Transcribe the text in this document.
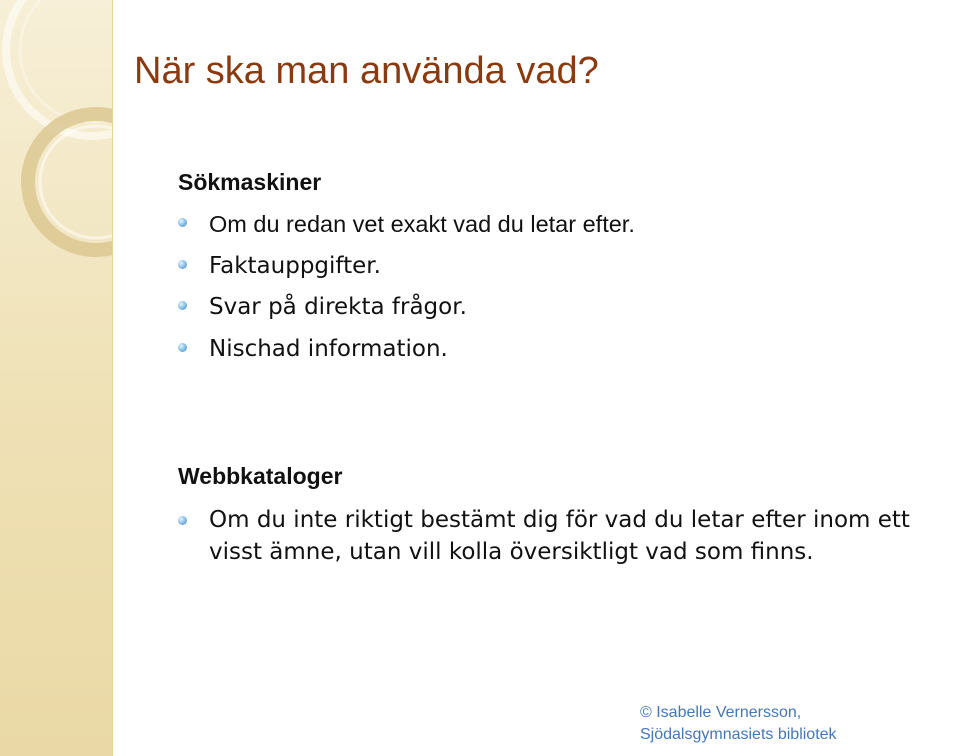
När ska man använda vad?
Sökmaskiner
Om du redan vet exakt vad du letar efter.
Faktauppgifter.
Svar på direkta frågor.
Nischad information.
Webbkataloger
Om du inte riktigt bestämt dig för vad du letar efter inom ett visst ämne, utan vill kolla översiktligt vad som finns.
© Isabelle Vernersson,
Sjödalsgymnasiets bibliotek
